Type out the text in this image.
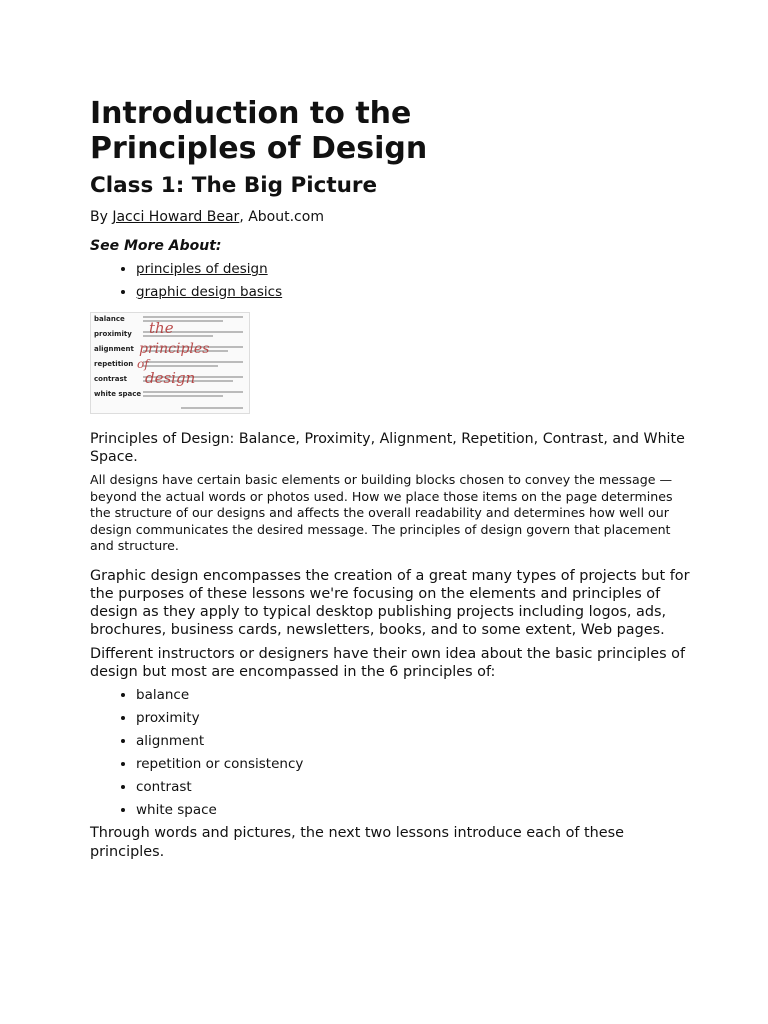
Introduction to the
Principles of Design
Class 1: The Big Picture
By Jacci Howard Bear, About.com
See More About:
• principles of design
• graphic design basics
balance
proximity
alignment
repetition
contrast
white space
the
principles
of
design
Principles of Design: Balance, Proximity, Alignment, Repetition, Contrast, and White Space.
All designs have certain basic elements or building blocks chosen to convey the message — beyond the actual words or photos used. How we place those items on the page determines the structure of our designs and affects the overall readability and determines how well our design communicates the desired message. The principles of design govern that placement and structure.
Graphic design encompasses the creation of a great many types of projects but for the purposes of these lessons we're focusing on the elements and principles of design as they apply to typical desktop publishing projects including logos, ads, brochures, business cards, newsletters, books, and to some extent, Web pages.
Different instructors or designers have their own idea about the basic principles of design but most are encompassed in the 6 principles of:
• balance
• proximity
• alignment
• repetition or consistency
• contrast
• white space
Through words and pictures, the next two lessons introduce each of these principles.
